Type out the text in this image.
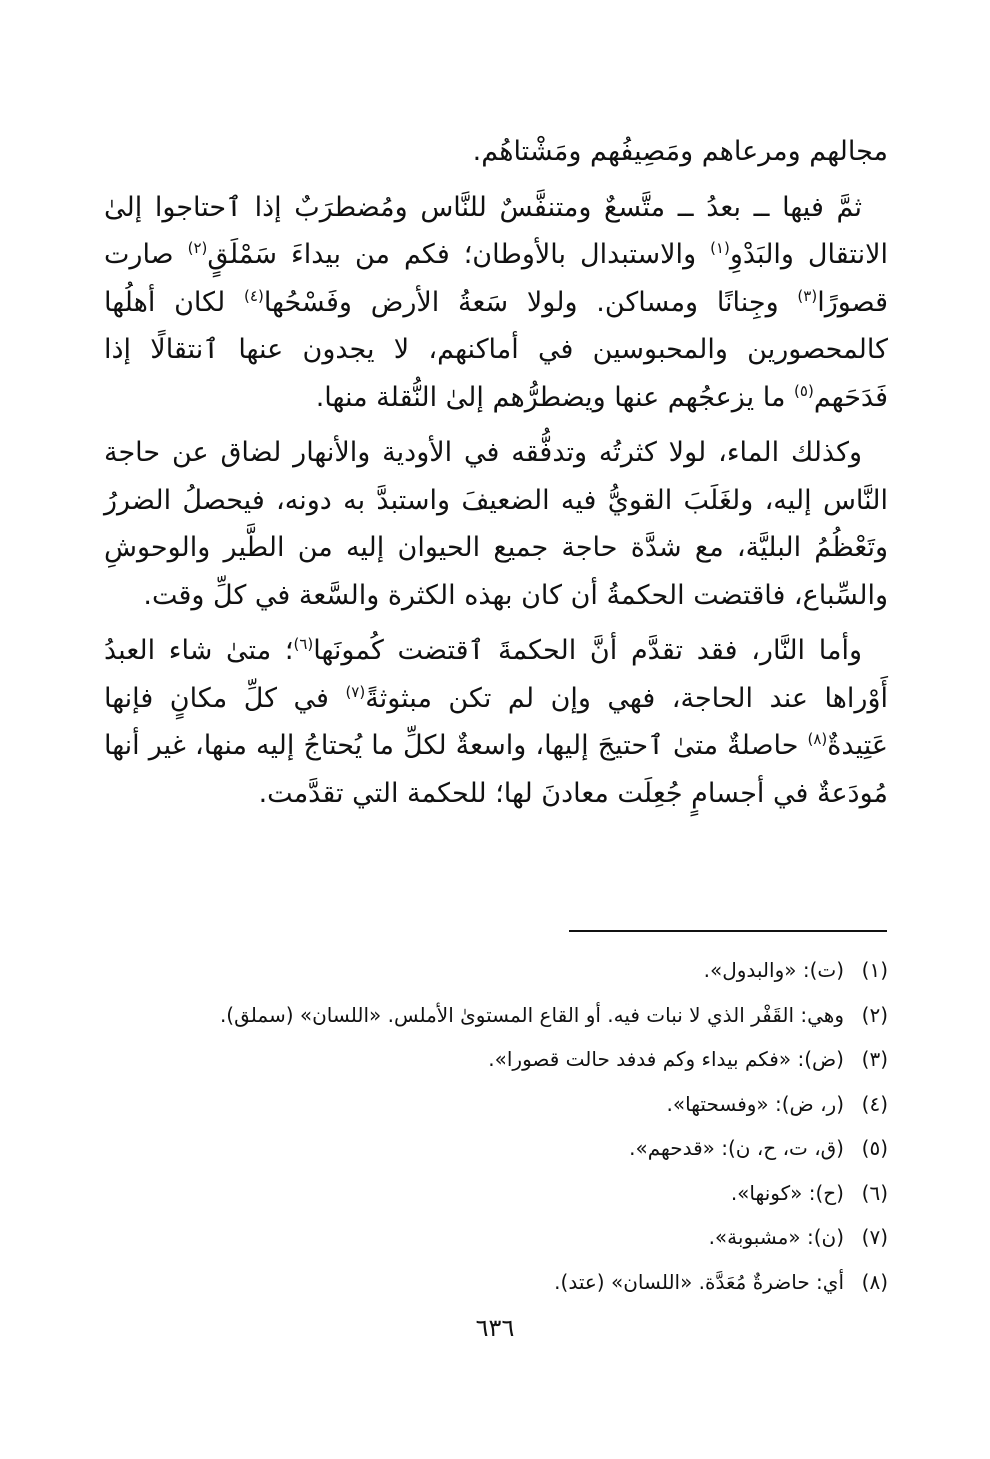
مجالهم ومرعاهم ومَصِيفُهم ومَشْتاهُم.

ثمَّ فيها ــ بعدُ ــ متَّسعٌ ومتنفَّسٌ للنَّاس ومُضطرَبٌ إذا ٱحتاجوا إلىٰ الانتقال والبَدْوِ$^{(١)}$ والاستبدال بالأوطان؛ فكم من بيداءَ سَمْلَقٍ$^{(٢)}$ صارت قصورًا$^{(٣)}$ وجِنانًا ومساكن. ولولا سَعةُ الأرض وفَسْحُها$^{(٤)}$ لكان أهلُها كالمحصورين والمحبوسين في أماكنهم، لا يجدون عنها ٱنتقالًا إذا فَدَحَهم$^{(٥)}$ ما يزعجُهم عنها ويضطرُّهم إلىٰ النُّقلة منها.

وكذلك الماء، لولا كثرتُه وتدفُّقه في الأودية والأنهار لضاق عن حاجة النَّاس إليه، ولغَلَبَ القويُّ فيه الضعيفَ واستبدَّ به دونه، فيحصلُ الضررُ وتَعْظُمُ البليَّة، مع شدَّة حاجة جميع الحيوان إليه من الطَّير والوحوشِ والسِّباع، فاقتضت الحكمةُ أن كان بهذه الكثرة والسَّعة في كلِّ وقت.

وأما النَّار، فقد تقدَّم أنَّ الحكمةَ ٱقتضت كُمونَها$^{(٦)}$؛ متىٰ شاء العبدُ أَوْراها عند الحاجة، فهي وإن لم تكن مبثوثةً$^{(٧)}$ في كلِّ مكانٍ فإنها عَتِيدةٌ$^{(٨)}$ حاصلةٌ متىٰ ٱحتيجَ إليها، واسعةٌ لكلِّ ما يُحتاجُ إليه منها، غير أنها مُودَعةٌ في أجسامٍ جُعِلَت معادنَ لها؛ للحكمة التي تقدَّمت.

(١)(ت): «والبدول».
(٢)وهي: القَفْر الذي لا نبات فيه. أو القاع المستوىٰ الأملس. «اللسان» (سملق).
(٣)(ض): «فكم بيداء وكم فدفد حالت قصورا».
(٤)(ر، ض): «وفسحتها».
(٥)(ق، ت، ح، ن): «قدحهم».
(٦)(ح): «كونها».
(٧)(ن): «مشبوبة».
(٨)أي: حاضرةٌ مُعَدَّة. «اللسان» (عتد).
٦٣٦
